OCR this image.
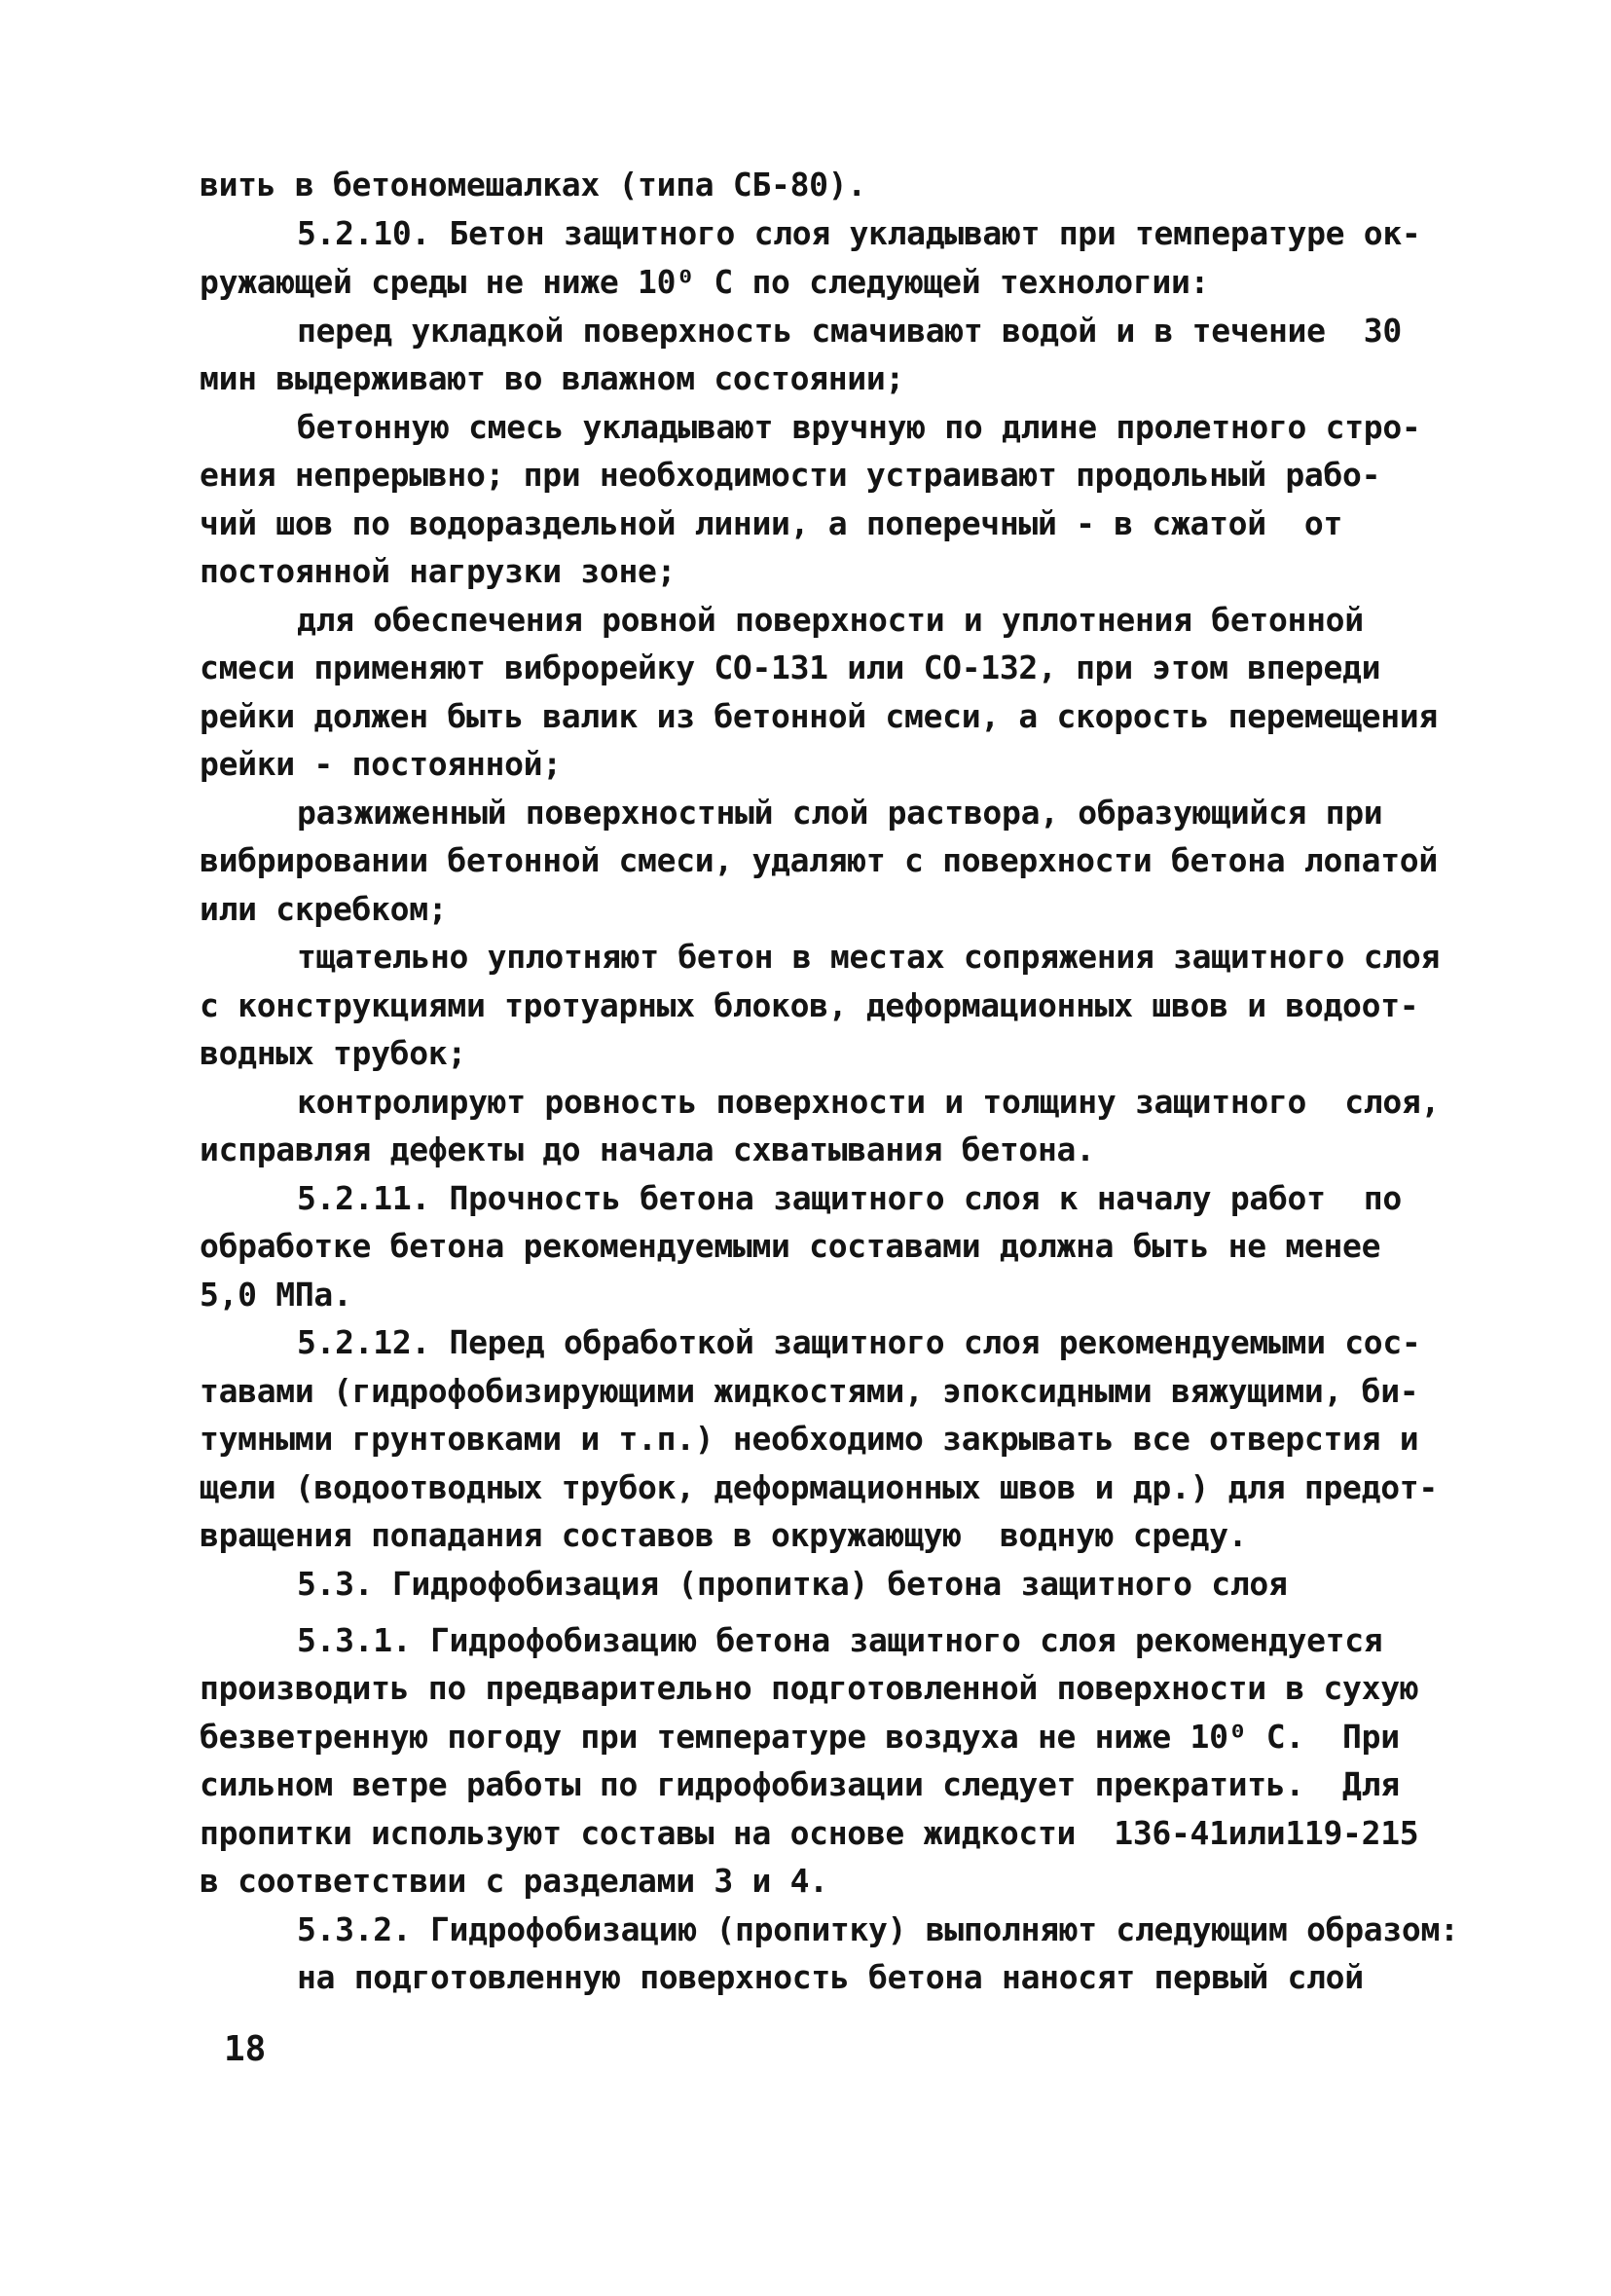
вить в бетономешалках (типа СБ-80).
5.2.10. Бетон защитного слоя укладывают при температуре ок-
ружающей среды не ниже 10⁰ С по следующей технологии:
перед укладкой поверхность смачивают водой и в течение  30
мин выдерживают во влажном состоянии;
бетонную смесь укладывают вручную по длине пролетного стро-
ения непрерывно; при необходимости устраивают продольный рабо-
чий шов по водораздельной линии, а поперечный - в сжатой  от
постоянной нагрузки зоне;
для обеспечения ровной поверхности и уплотнения бетонной
смеси применяют виброрейку СО-131 или СО-132, при этом впереди
рейки должен быть валик из бетонной смеси, а скорость перемещения
рейки - постоянной;
разжиженный поверхностный слой раствора, образующийся при
вибрировании бетонной смеси, удаляют с поверхности бетона лопатой
или скребком;
тщательно уплотняют бетон в местах сопряжения защитного слоя
с конструкциями тротуарных блоков, деформационных швов и водоот-
водных трубок;
контролируют ровность поверхности и толщину защитного  слоя,
исправляя дефекты до начала схватывания бетона.
5.2.11. Прочность бетона защитного слоя к началу работ  по
обработке бетона рекомендуемыми составами должна быть не менее
5,0 МПа.
5.2.12. Перед обработкой защитного слоя рекомендуемыми сос-
тавами (гидрофобизирующими жидкостями, эпоксидными вяжущими, би-
тумными грунтовками и т.п.) необходимо закрывать все отверстия и
щели (водоотводных трубок, деформационных швов и др.) для предот-
вращения попадания составов в окружающую  водную среду.
5.3. Гидрофобизация (пропитка) бетона защитного слоя
5.3.1. Гидрофобизацию бетона защитного слоя рекомендуется
производить по предварительно подготовленной поверхности в сухую
безветренную погоду при температуре воздуха не ниже 10⁰ С.  При
сильном ветре работы по гидрофобизации следует прекратить.  Для
пропитки используют составы на основе жидкости  136-41или119-215
в соответствии с разделами 3 и 4.
5.3.2. Гидрофобизацию (пропитку) выполняют следующим образом:
на подготовленную поверхность бетона наносят первый слой
18
